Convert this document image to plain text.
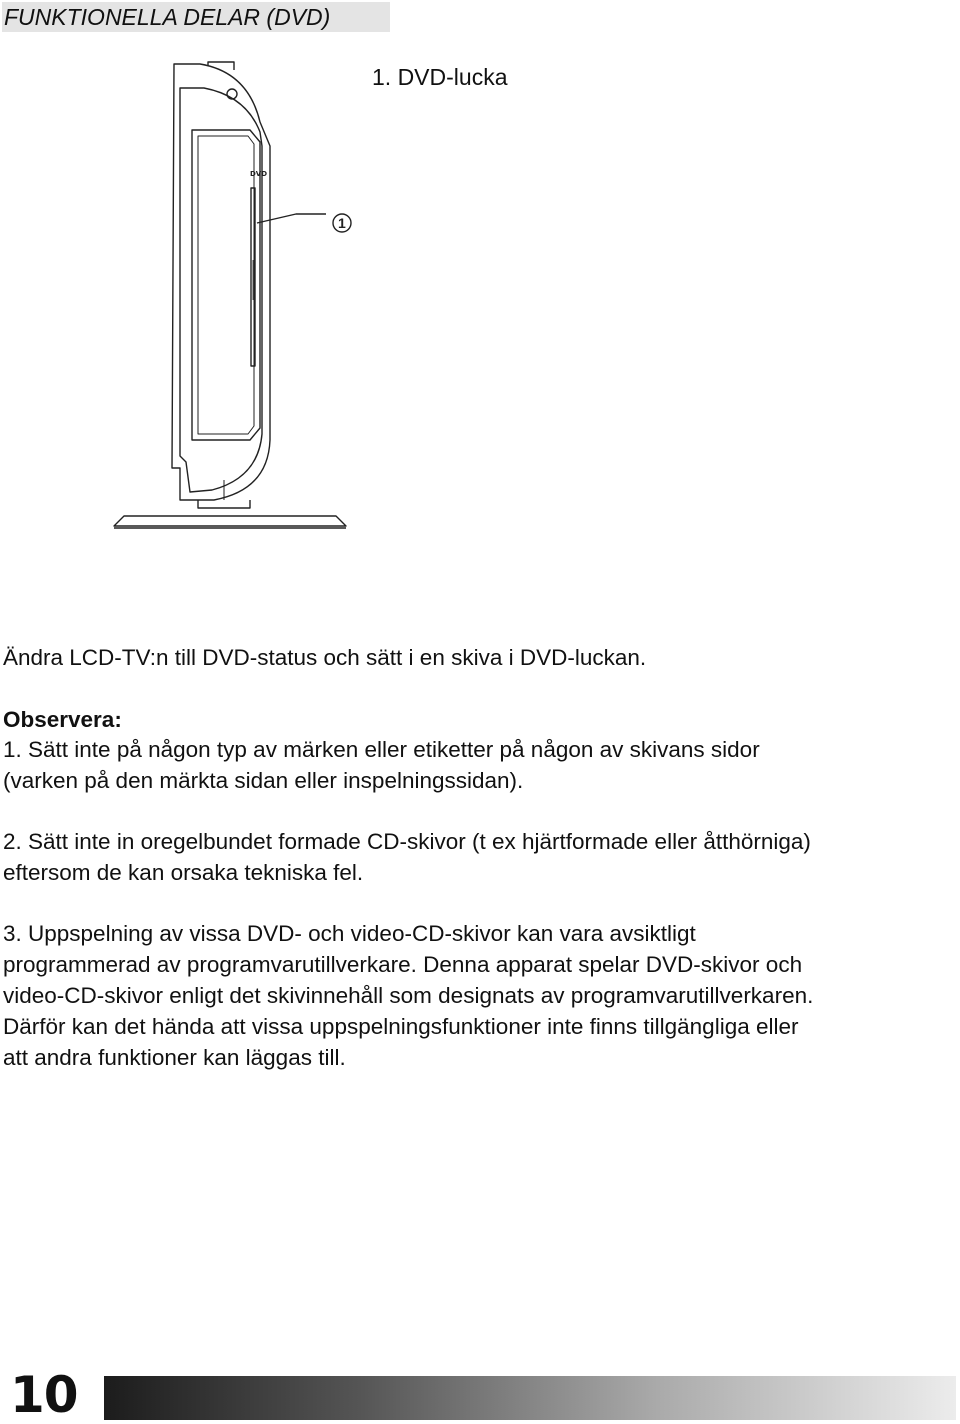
FUNKTIONELLA DELAR (DVD)
1. DVD-lucka
DVD
1
Ändra LCD-TV:n till DVD-status och sätt i en skiva i DVD-luckan.
Observera:
1. Sätt inte på någon typ av märken eller etiketter på någon av skivans sidor
(varken på den märkta sidan eller inspelningssidan).
2. Sätt inte in oregelbundet formade CD-skivor (t ex hjärtformade eller åtthörniga)
eftersom de kan orsaka tekniska fel.
3. Uppspelning av vissa DVD- och video-CD-skivor kan vara avsiktligt
programmerad av programvarutillverkare. Denna apparat spelar DVD-skivor och
video-CD-skivor enligt det skivinnehåll som designats av programvarutillverkaren.
Därför kan det hända att vissa uppspelningsfunktioner inte finns tillgängliga eller
att andra funktioner kan läggas till.
10
